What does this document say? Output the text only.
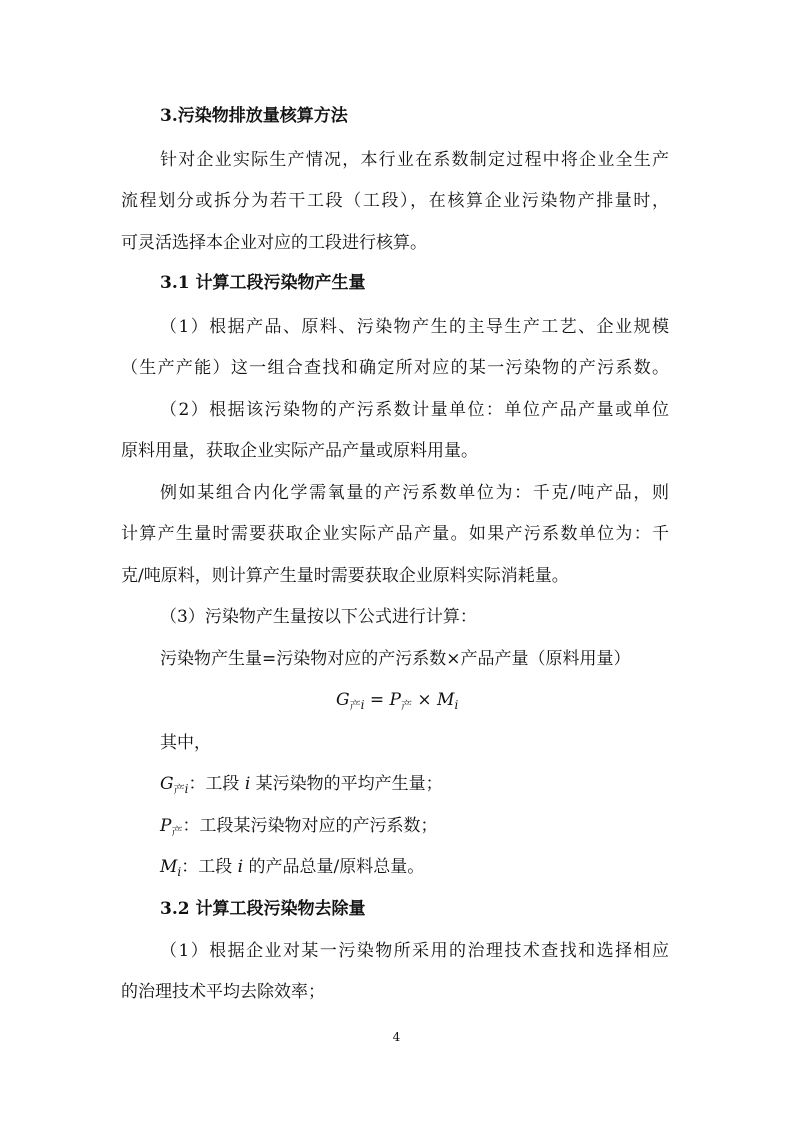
3.污染物排放量核算方法
针对企业实际生产情况，本行业在系数制定过程中将企业全生产
流程划分或拆分为若干工段（工段），在核算企业污染物产排量时，
可灵活选择本企业对应的工段进行核算。
3.1 计算工段污染物产生量
（1）根据产品、原料、污染物产生的主导生产工艺、企业规模
（生产产能）这一组合查找和确定所对应的某一污染物的产污系数。
（2）根据该污染物的产污系数计量单位：单位产品产量或单位
原料用量，获取企业实际产品产量或原料用量。
例如某组合内化学需氧量的产污系数单位为：千克/吨产品，则
计算产生量时需要获取企业实际产品产量。如果产污系数单位为：千
克/吨原料，则计算产生量时需要获取企业原料实际消耗量。
（3）污染物产生量按以下公式进行计算：
污染物产生量=污染物对应的产污系数×产品产量（原料用量）
$G_{产i} = P_产 \times M_i$
其中，
$G_{产i}$：工段 i 某污染物的平均产生量；
$P_产$：工段某污染物对应的产污系数；
$M_i$：工段 i 的产品总量/原料总量。
3.2 计算工段污染物去除量
（1）根据企业对某一污染物所采用的治理技术查找和选择相应
的治理技术平均去除效率；
4
